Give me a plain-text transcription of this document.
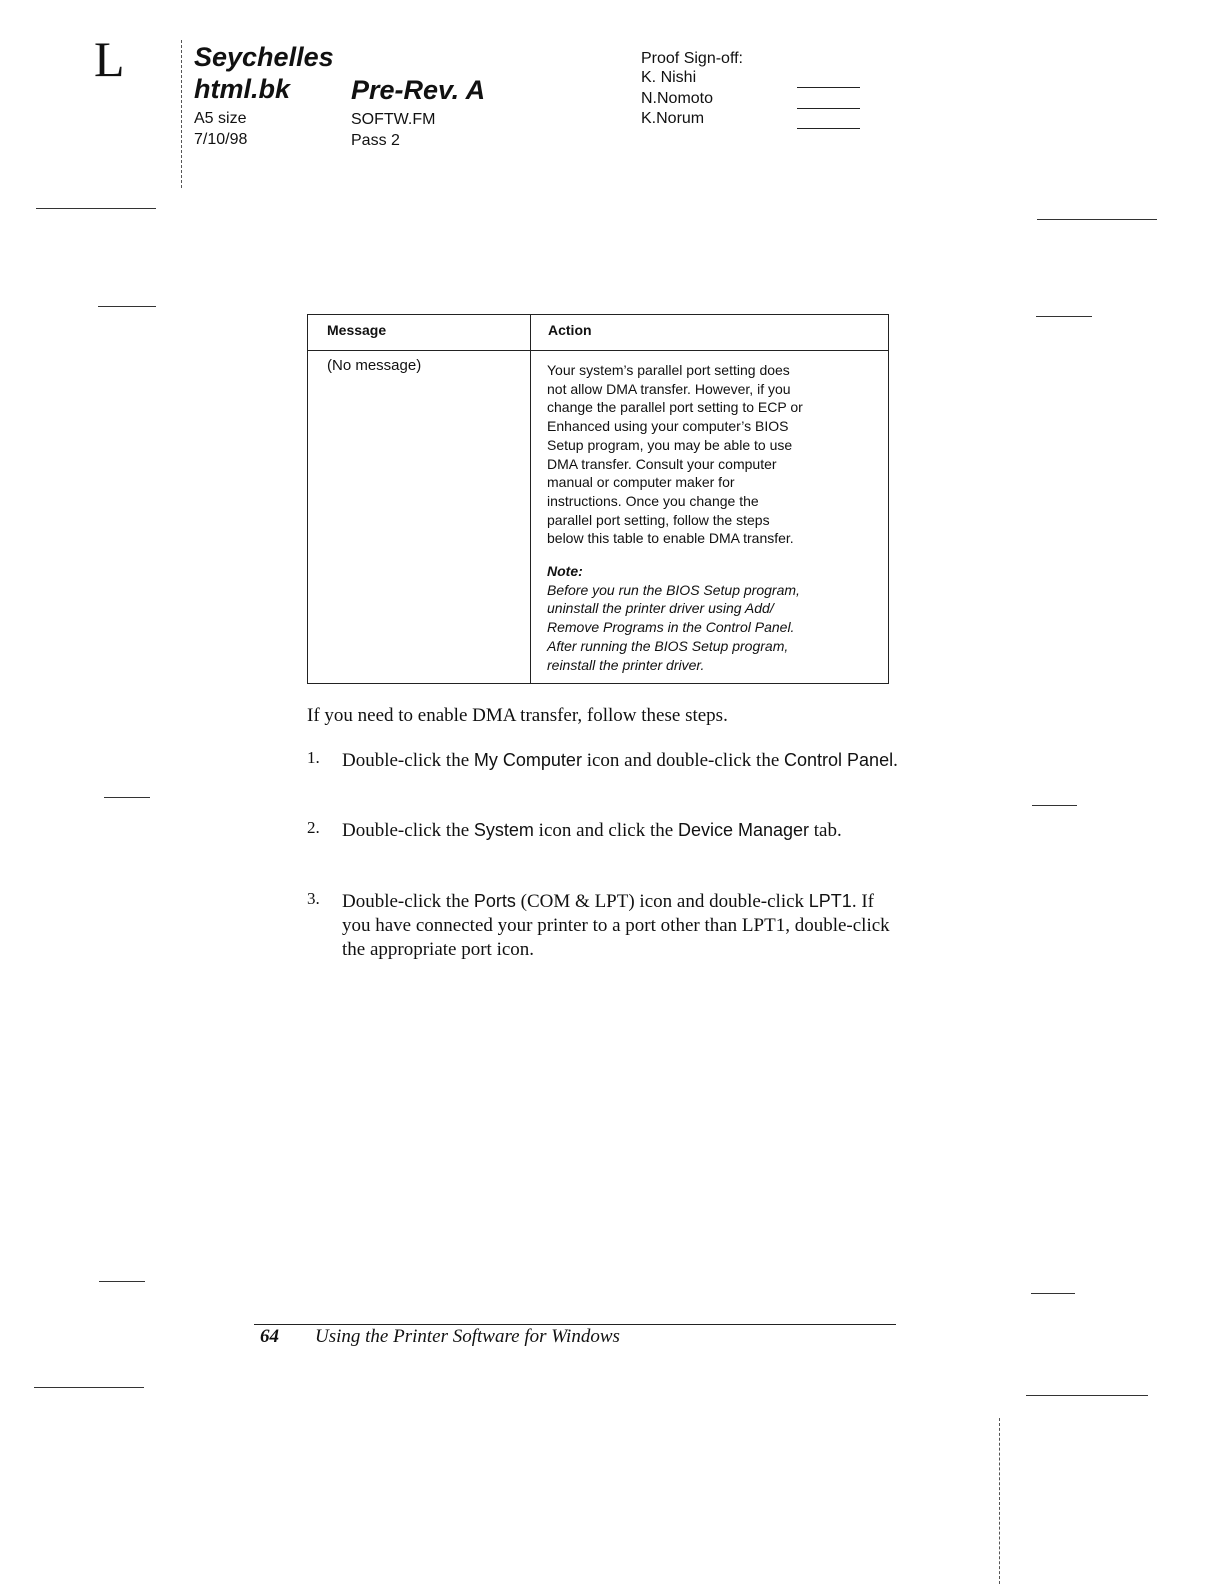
L	Seychelles
html.bk Pre-Rev. A
A5 size
7/10/98
SOFTW.FM
Pass 2
Proof Sign-off:
K. Nishi
N.Nomoto
K.Norum
Message	Action
(No message)	Your system’s parallel port setting does
not allow DMA transfer. However, if you
change the parallel port setting to ECP or
Enhanced using your computer’s BIOS
Setup program, you may be able to use
DMA transfer. Consult your computer
manual or computer maker for
instructions. Once you change the
parallel port setting, follow the steps
below this table to enable DMA transfer.
Note:
Before you run the BIOS Setup program,
uninstall the printer driver using Add/
Remove Programs in the Control Panel.
After running the BIOS Setup program,
reinstall the printer driver.
If you need to enable DMA transfer, follow these steps.
1. Double-click the My Computer icon and double-click the Control Panel.
2. Double-click the System icon and click the Device Manager tab.
3. Double-click the Ports (COM & LPT) icon and double-click LPT1. If you have connected your printer to a port other than LPT1, double-click the appropriate port icon.
64 Using the Printer Software for Windows
